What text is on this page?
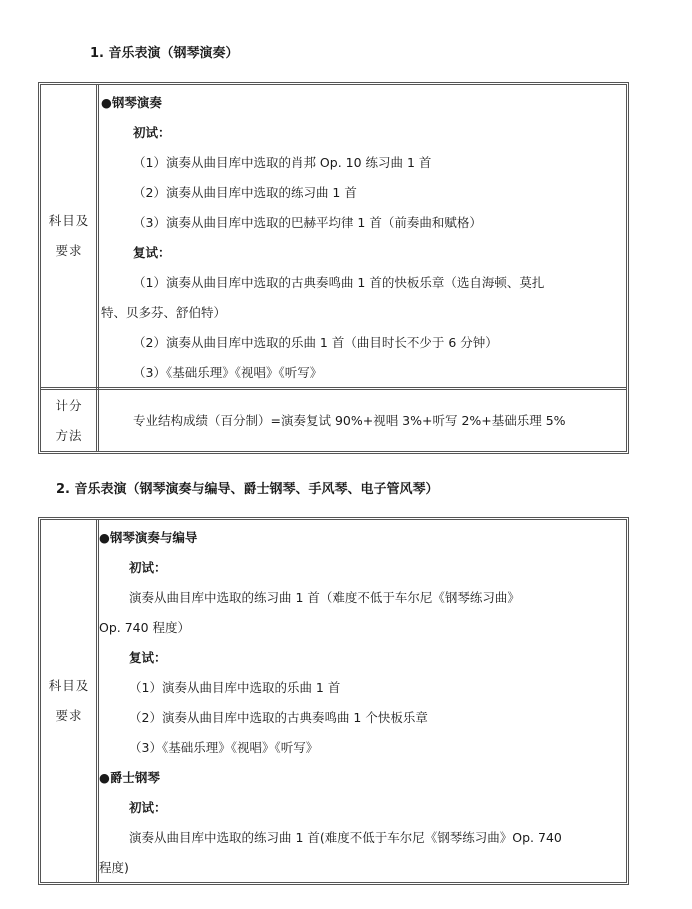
1. 音乐表演（钢琴演奏）
科目及
要求
计分
方法
●钢琴演奏
初试：
（1）演奏从曲目库中选取的肖邦 Op. 10 练习曲 1 首
（2）演奏从曲目库中选取的练习曲 1 首
（3）演奏从曲目库中选取的巴赫平均律 1 首（前奏曲和赋格）
复试：
（1）演奏从曲目库中选取的古典奏鸣曲 1 首的快板乐章（选自海顿、莫扎
特、贝多芬、舒伯特）
（2）演奏从曲目库中选取的乐曲 1 首（曲目时长不少于 6 分钟）
（3）《基础乐理》《视唱》《听写》
专业结构成绩（百分制）=演奏复试 90%+视唱 3%+听写 2%+基础乐理 5%
2. 音乐表演（钢琴演奏与编导、爵士钢琴、手风琴、电子管风琴）
科目及
要求
●钢琴演奏与编导
初试：
演奏从曲目库中选取的练习曲 1 首（难度不低于车尔尼《钢琴练习曲》
Op. 740 程度）
复试：
（1）演奏从曲目库中选取的乐曲 1 首
（2）演奏从曲目库中选取的古典奏鸣曲 1 个快板乐章
（3）《基础乐理》《视唱》《听写》
●爵士钢琴
初试：
演奏从曲目库中选取的练习曲 1 首(难度不低于车尔尼《钢琴练习曲》Op. 740
程度)
